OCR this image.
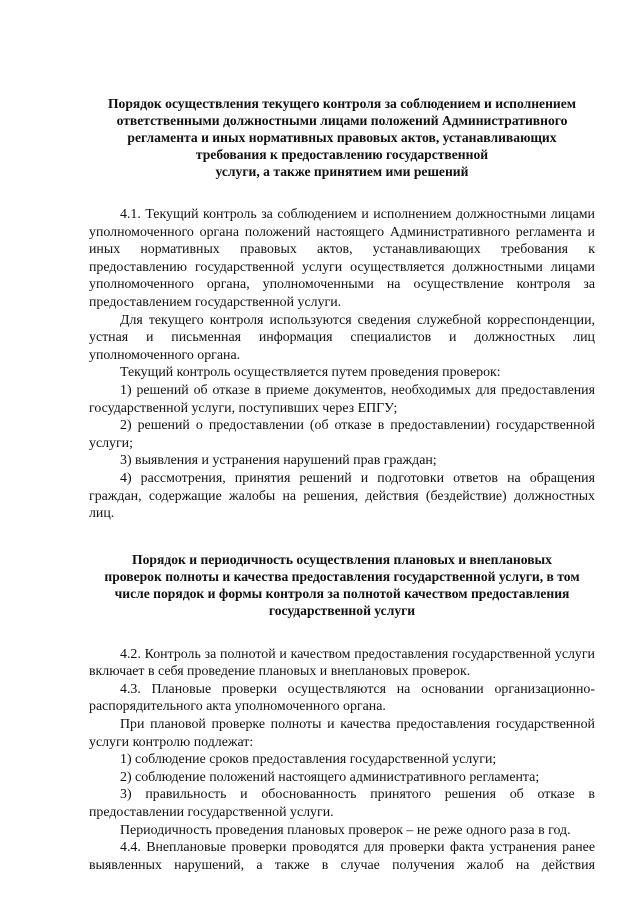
Порядок осуществления текущего контроля за соблюдением и исполнением
ответственными должностными лицами положений Административного
регламента и иных нормативных правовых актов, устанавливающих
требования к предоставлению государственной
услуги, а также принятием ими решений

4.1. Текущий контроль за соблюдением и исполнением должностными лицами уполномоченного органа положений настоящего Административного регламента и иных нормативных правовых актов, устанавливающих требования к предоставлению государственной услуги осуществляется должностными лицами уполномоченного органа, уполномоченными на осуществление контроля за предоставлением государственной услуги.

Для текущего контроля используются сведения служебной корреспонденции, устная и письменная информация специалистов и должностных лиц уполномоченного органа.

Текущий контроль осуществляется путем проведения проверок:

1) решений об отказе в приеме документов, необходимых для предоставления государственной услуги, поступивших через ЕПГУ;

2) решений о предоставлении (об отказе в предоставлении) государственной услуги;

3) выявления и устранения нарушений прав граждан;

4) рассмотрения, принятия решений и подготовки ответов на обращения граждан, содержащие жалобы на решения, действия (бездействие) должностных лиц.

Порядок и периодичность осуществления плановых и внеплановых
проверок полноты и качества предоставления государственной услуги, в том
числе порядок и формы контроля за полнотой качеством предоставления
государственной услуги

4.2. Контроль за полнотой и качеством предоставления государственной услуги включает в себя проведение плановых и внеплановых проверок.

4.3. Плановые проверки осуществляются на основании организационно-распорядительного акта уполномоченного органа.

При плановой проверке полноты и качества предоставления государственной услуги контролю подлежат:

1) соблюдение сроков предоставления государственной услуги;

2) соблюдение положений настоящего административного регламента;

3) правильность и обоснованность принятого решения об отказе в предоставлении государственной услуги.

Периодичность проведения плановых проверок – не реже одного раза в год.

4.4. Внеплановые проверки проводятся для проверки факта устранения ранее выявленных нарушений, а также в случае получения жалоб на действия
